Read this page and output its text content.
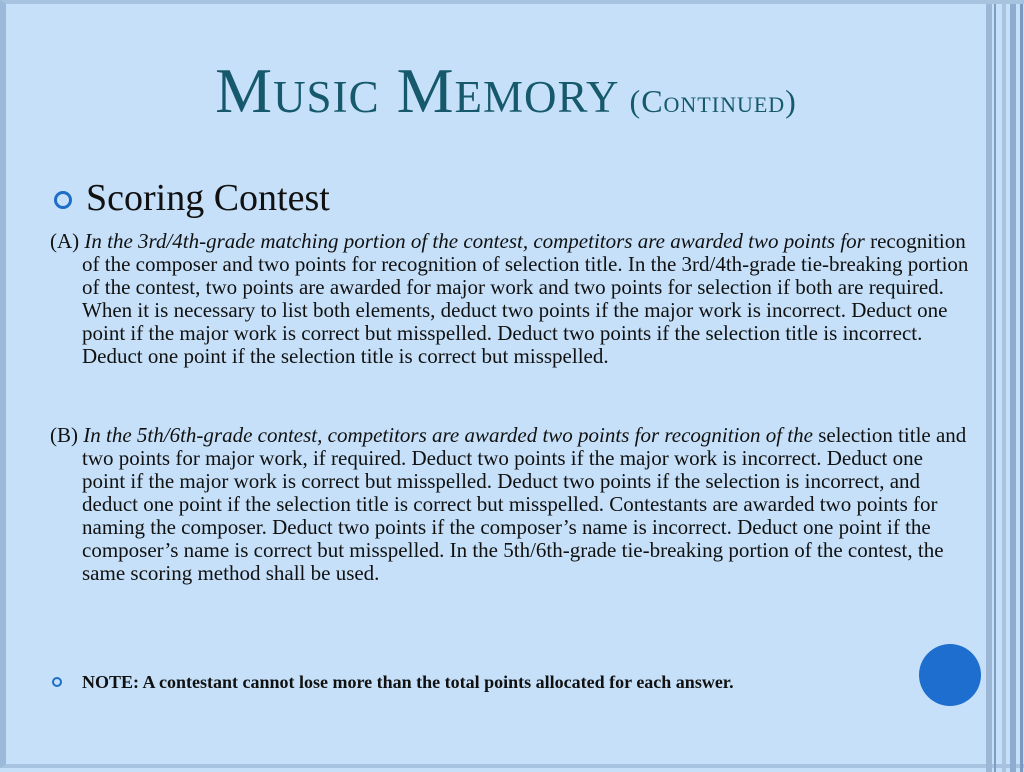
Music Memory (Continued)
Scoring Contest

(A) In the 3rd/4th-grade matching portion of the contest, competitors are awarded two points for recognition of the composer and two points for recognition of selection title. In the 3rd/4th-grade tie-breaking portion of the contest, two points are awarded for major work and two points for selection if both are required. When it is necessary to list both elements, deduct two points if the major work is incorrect. Deduct one point if the major work is correct but misspelled. Deduct two points if the selection title is incorrect. Deduct one point if the selection title is correct but misspelled.

(B) In the 5th/6th-grade contest, competitors are awarded two points for recognition of the selection title and two points for major work, if required. Deduct two points if the major work is incorrect. Deduct one point if the major work is correct but misspelled. Deduct two points if the selection is incorrect, and deduct one point if the selection title is correct but misspelled. Contestants are awarded two points for naming the composer. Deduct two points if the composer’s name is incorrect. Deduct one point if the composer’s name is correct but misspelled. In the 5th/6th-grade tie-breaking portion of the contest, the same scoring method shall be used.

NOTE: A contestant cannot lose more than the total points allocated for each answer.
